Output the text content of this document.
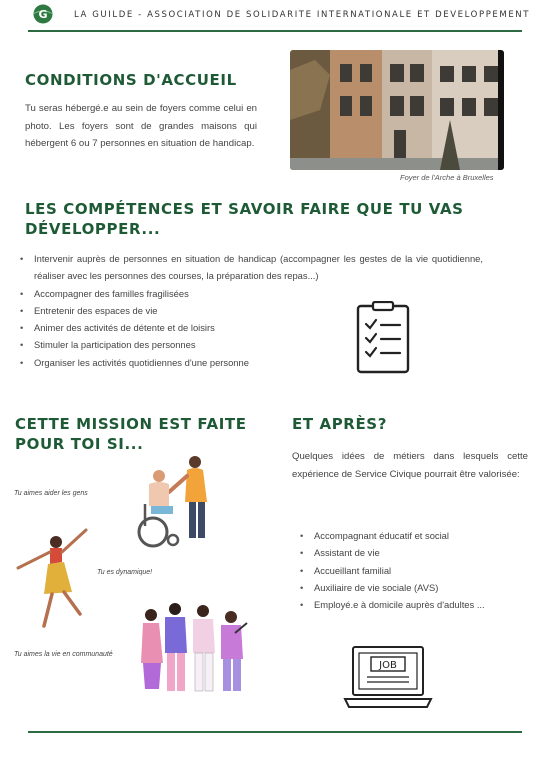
G	LA GUILDE - ASSOCIATION DE SOLIDARITE INTERNATIONALE ET DEVELOPPEMENT
CONDITIONS D'ACCUEIL
Tu seras hébergé.e au sein de foyers comme celui en photo. Les foyers sont de grandes maisons qui hébergent 6 ou 7 personnes en situation de handicap.
Foyer de l'Arche à Bruxelles
LES COMPÉTENCES ET SAVOIR FAIRE QUE TU VAS
DÉVELOPPER...
• Intervenir auprès de personnes en situation de handicap (accompagner les gestes de la vie quotidienne, réaliser avec les personnes des courses, la préparation des repas...)
• Accompagner des familles fragilisées
• Entretenir des espaces de vie
• Animer des activités de détente et de loisirs
• Stimuler la participation des personnes
• Organiser les activités quotidiennes d'une personne
CETTE MISSION EST FAITE
POUR TOI SI...
Tu aimes aider les gens
Tu es dynamique!
Tu aimes la vie en communauté
ET APRÈS?
Quelques idées de métiers dans lesquels cette expérience de Service Civique pourrait être valorisée:
• Accompagnant éducatif et social
• Assistant de vie
• Accueillant familial
• Auxiliaire de vie sociale (AVS)
• Employé.e à domicile auprès d'adultes ...
JOB
